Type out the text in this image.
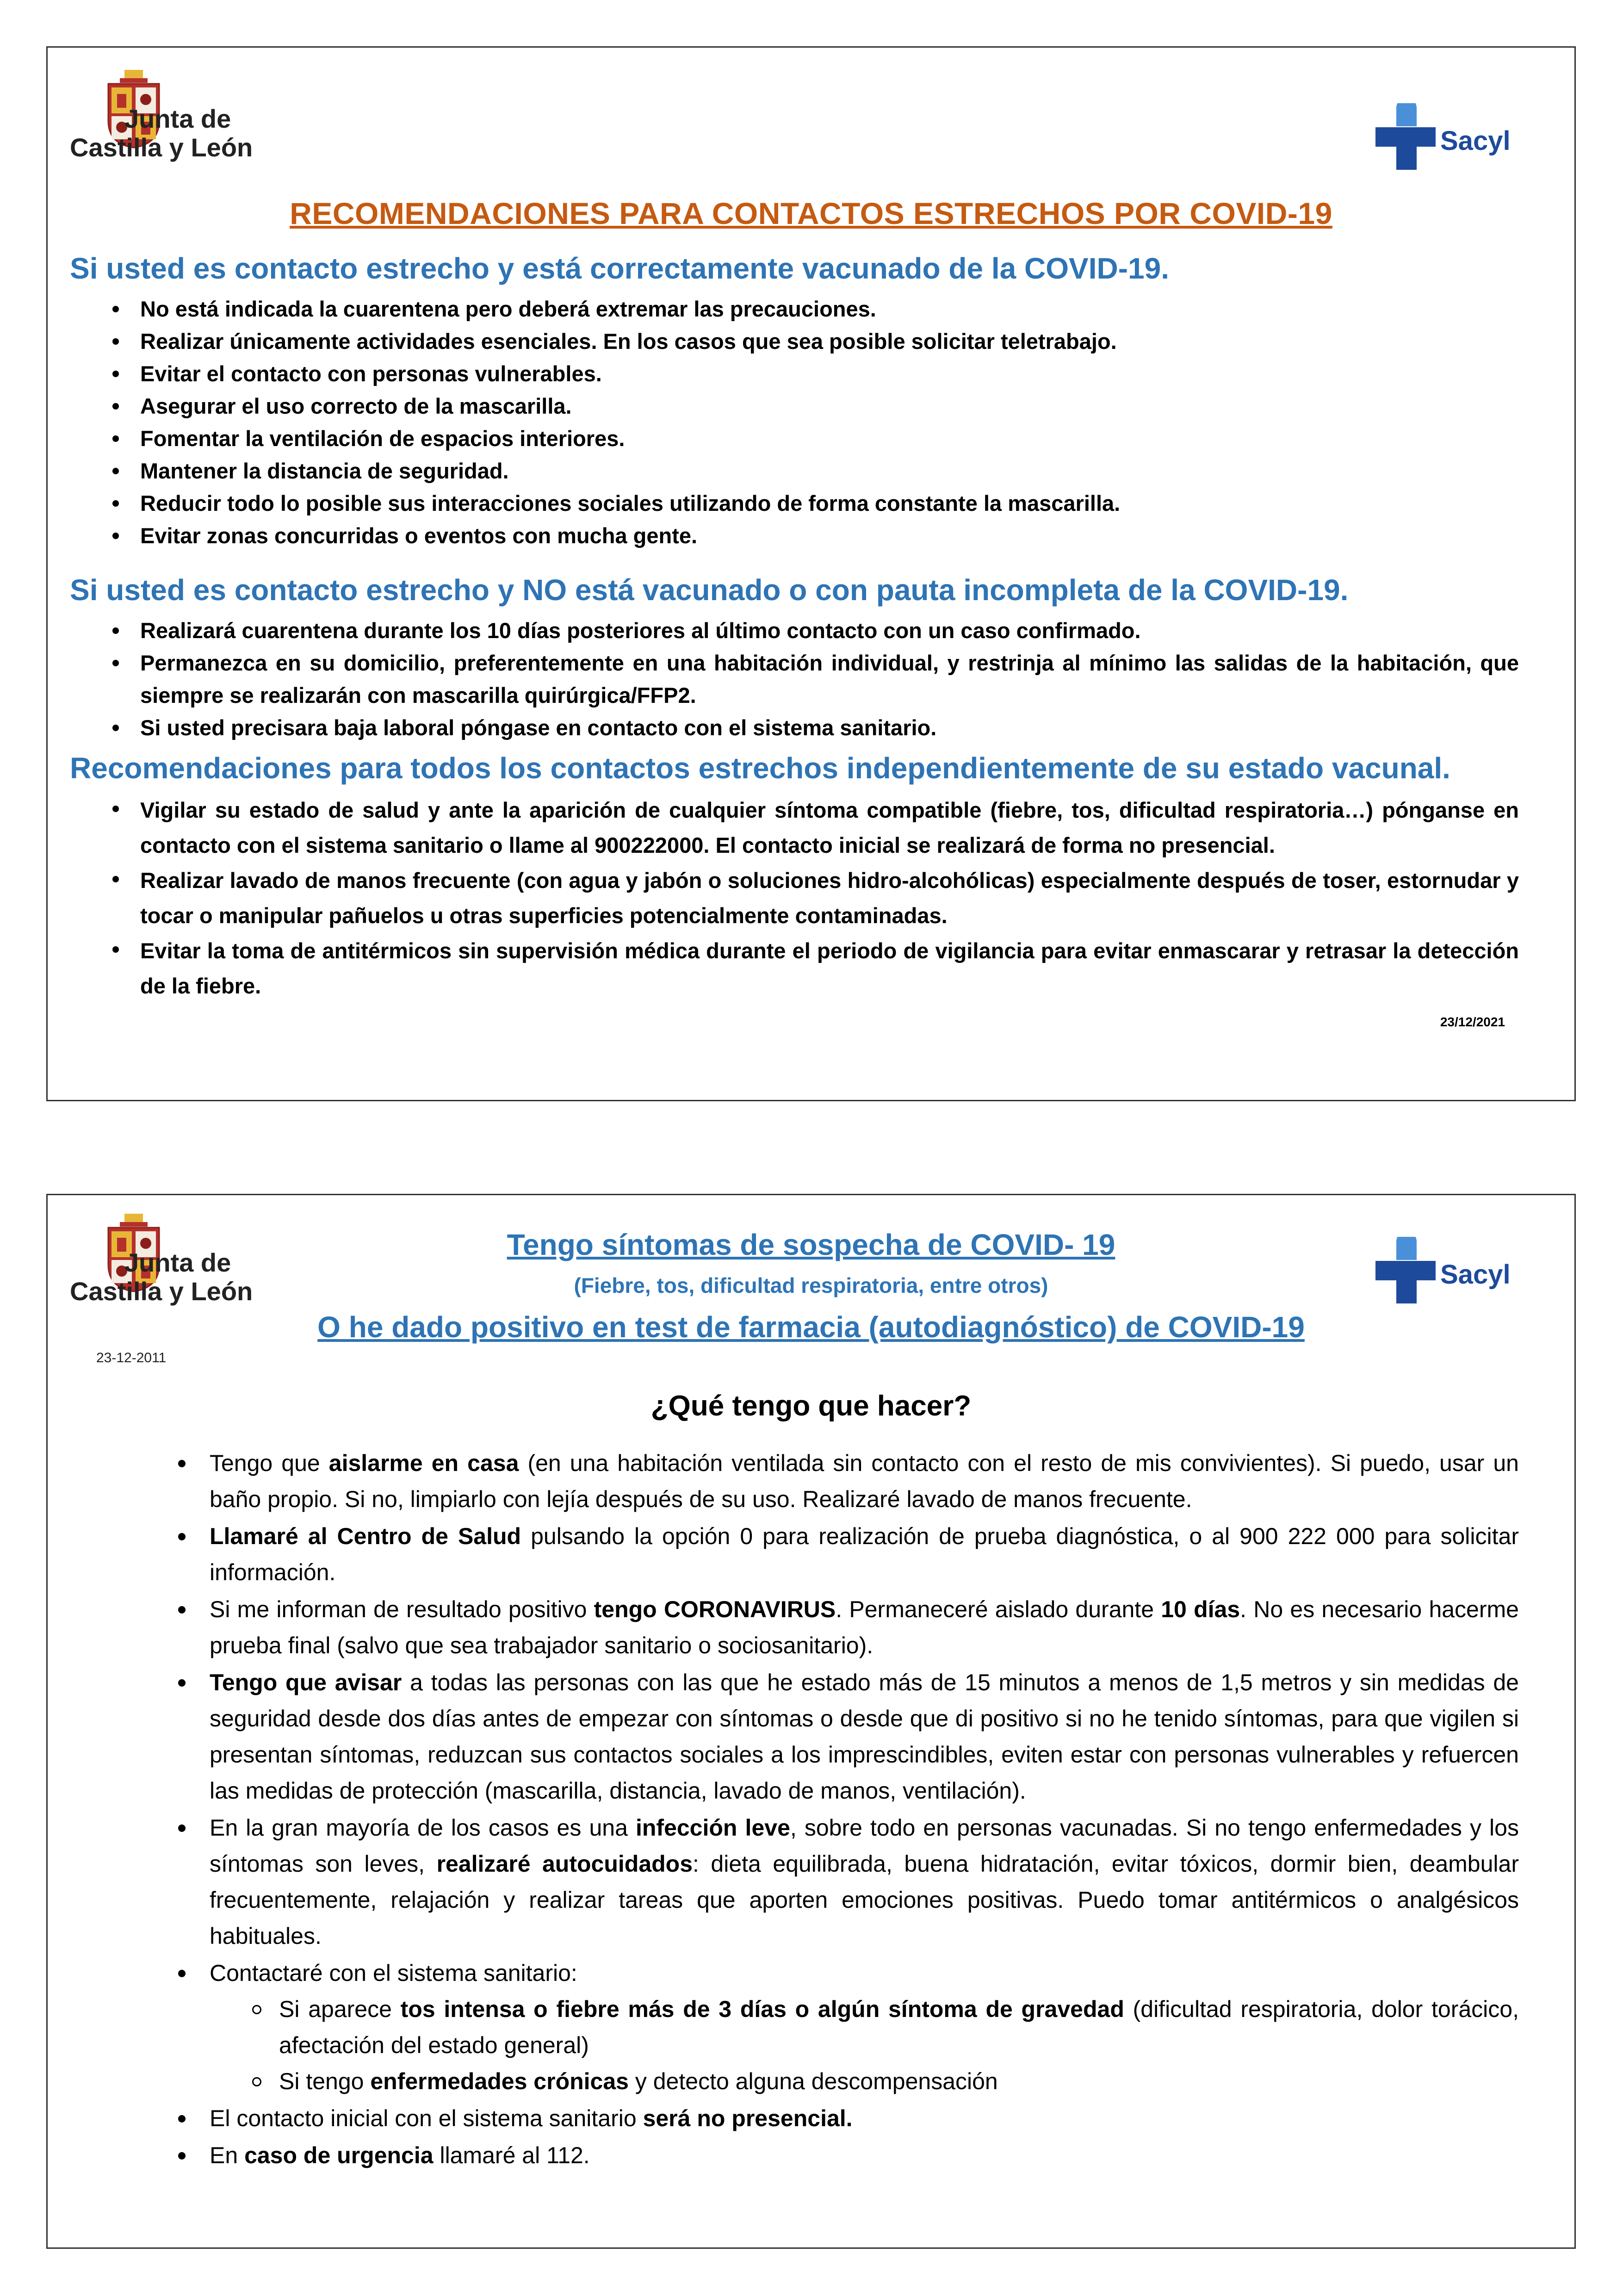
Junta de
Castilla y León	Sacyl
RECOMENDACIONES PARA CONTACTOS ESTRECHOS POR COVID-19
Si usted es contacto estrecho y está correctamente vacunado de la COVID-19.
No está indicada la cuarentena pero deberá extremar las precauciones.
Realizar únicamente actividades esenciales. En los casos que sea posible solicitar teletrabajo.
Evitar el contacto con personas vulnerables.
Asegurar el uso correcto de la mascarilla.
Fomentar la ventilación de espacios interiores.
Mantener la distancia de seguridad.
Reducir todo lo posible sus interacciones sociales utilizando de forma constante la mascarilla.
Evitar zonas concurridas o eventos con mucha gente.
Si usted es contacto estrecho y NO está vacunado o con pauta incompleta de la COVID-19.
Realizará cuarentena durante los 10 días posteriores al último contacto con un caso confirmado.
Permanezca en su domicilio, preferentemente en una habitación individual, y restrinja al mínimo las salidas de la habitación, que siempre se realizarán con mascarilla quirúrgica/FFP2.
Si usted precisara baja laboral póngase en contacto con el sistema sanitario.
Recomendaciones para todos los contactos estrechos independientemente de su estado vacunal.
Vigilar su estado de salud y ante la aparición de cualquier síntoma compatible (fiebre, tos, dificultad respiratoria…) pónganse en contacto con el sistema sanitario o llame al 900222000. El contacto inicial se realizará de forma no presencial.
Realizar lavado de manos frecuente (con agua y jabón o soluciones hidro-alcohólicas) especialmente después de toser, estornudar y tocar o manipular pañuelos u otras superficies potencialmente contaminadas.
Evitar la toma de antitérmicos sin supervisión médica durante el periodo de vigilancia para evitar enmascarar y retrasar la detección de la fiebre.
23/12/2021
Junta de
Castilla y León
Sacyl
Tengo síntomas de sospecha de COVID- 19
(Fiebre, tos, dificultad respiratoria, entre otros)
O he dado positivo en test de farmacia (autodiagnóstico) de COVID-19
23-12-2011
¿Qué tengo que hacer?
Tengo que aislarme en casa (en una habitación ventilada sin contacto con el resto de mis convivientes). Si puedo, usar un baño propio. Si no, limpiarlo con lejía después de su uso. Realizaré lavado de manos frecuente.
Llamaré al Centro de Salud pulsando la opción 0 para realización de prueba diagnóstica, o al 900 222 000 para solicitar información.
Si me informan de resultado positivo tengo CORONAVIRUS. Permaneceré aislado durante 10 días. No es necesario hacerme prueba final (salvo que sea trabajador sanitario o sociosanitario).
Tengo que avisar a todas las personas con las que he estado más de 15 minutos a menos de 1,5 metros y sin medidas de seguridad desde dos días antes de empezar con síntomas o desde que di positivo si no he tenido síntomas, para que vigilen si presentan síntomas, reduzcan sus contactos sociales a los imprescindibles, eviten estar con personas vulnerables y refuercen las medidas de protección (mascarilla, distancia, lavado de manos, ventilación).
En la gran mayoría de los casos es una infección leve, sobre todo en personas vacunadas. Si no tengo enfermedades y los síntomas son leves, realizaré autocuidados: dieta equilibrada, buena hidratación, evitar tóxicos, dormir bien, deambular frecuentemente, relajación y realizar tareas que aporten emociones positivas. Puedo tomar antitérmicos o analgésicos habituales.
Contactaré con el sistema sanitario:
Si aparece tos intensa o fiebre más de 3 días o algún síntoma de gravedad (dificultad respiratoria, dolor torácico, afectación del estado general)
Si tengo enfermedades crónicas y detecto alguna descompensación
El contacto inicial con el sistema sanitario será no presencial.
En caso de urgencia llamaré al 112.
